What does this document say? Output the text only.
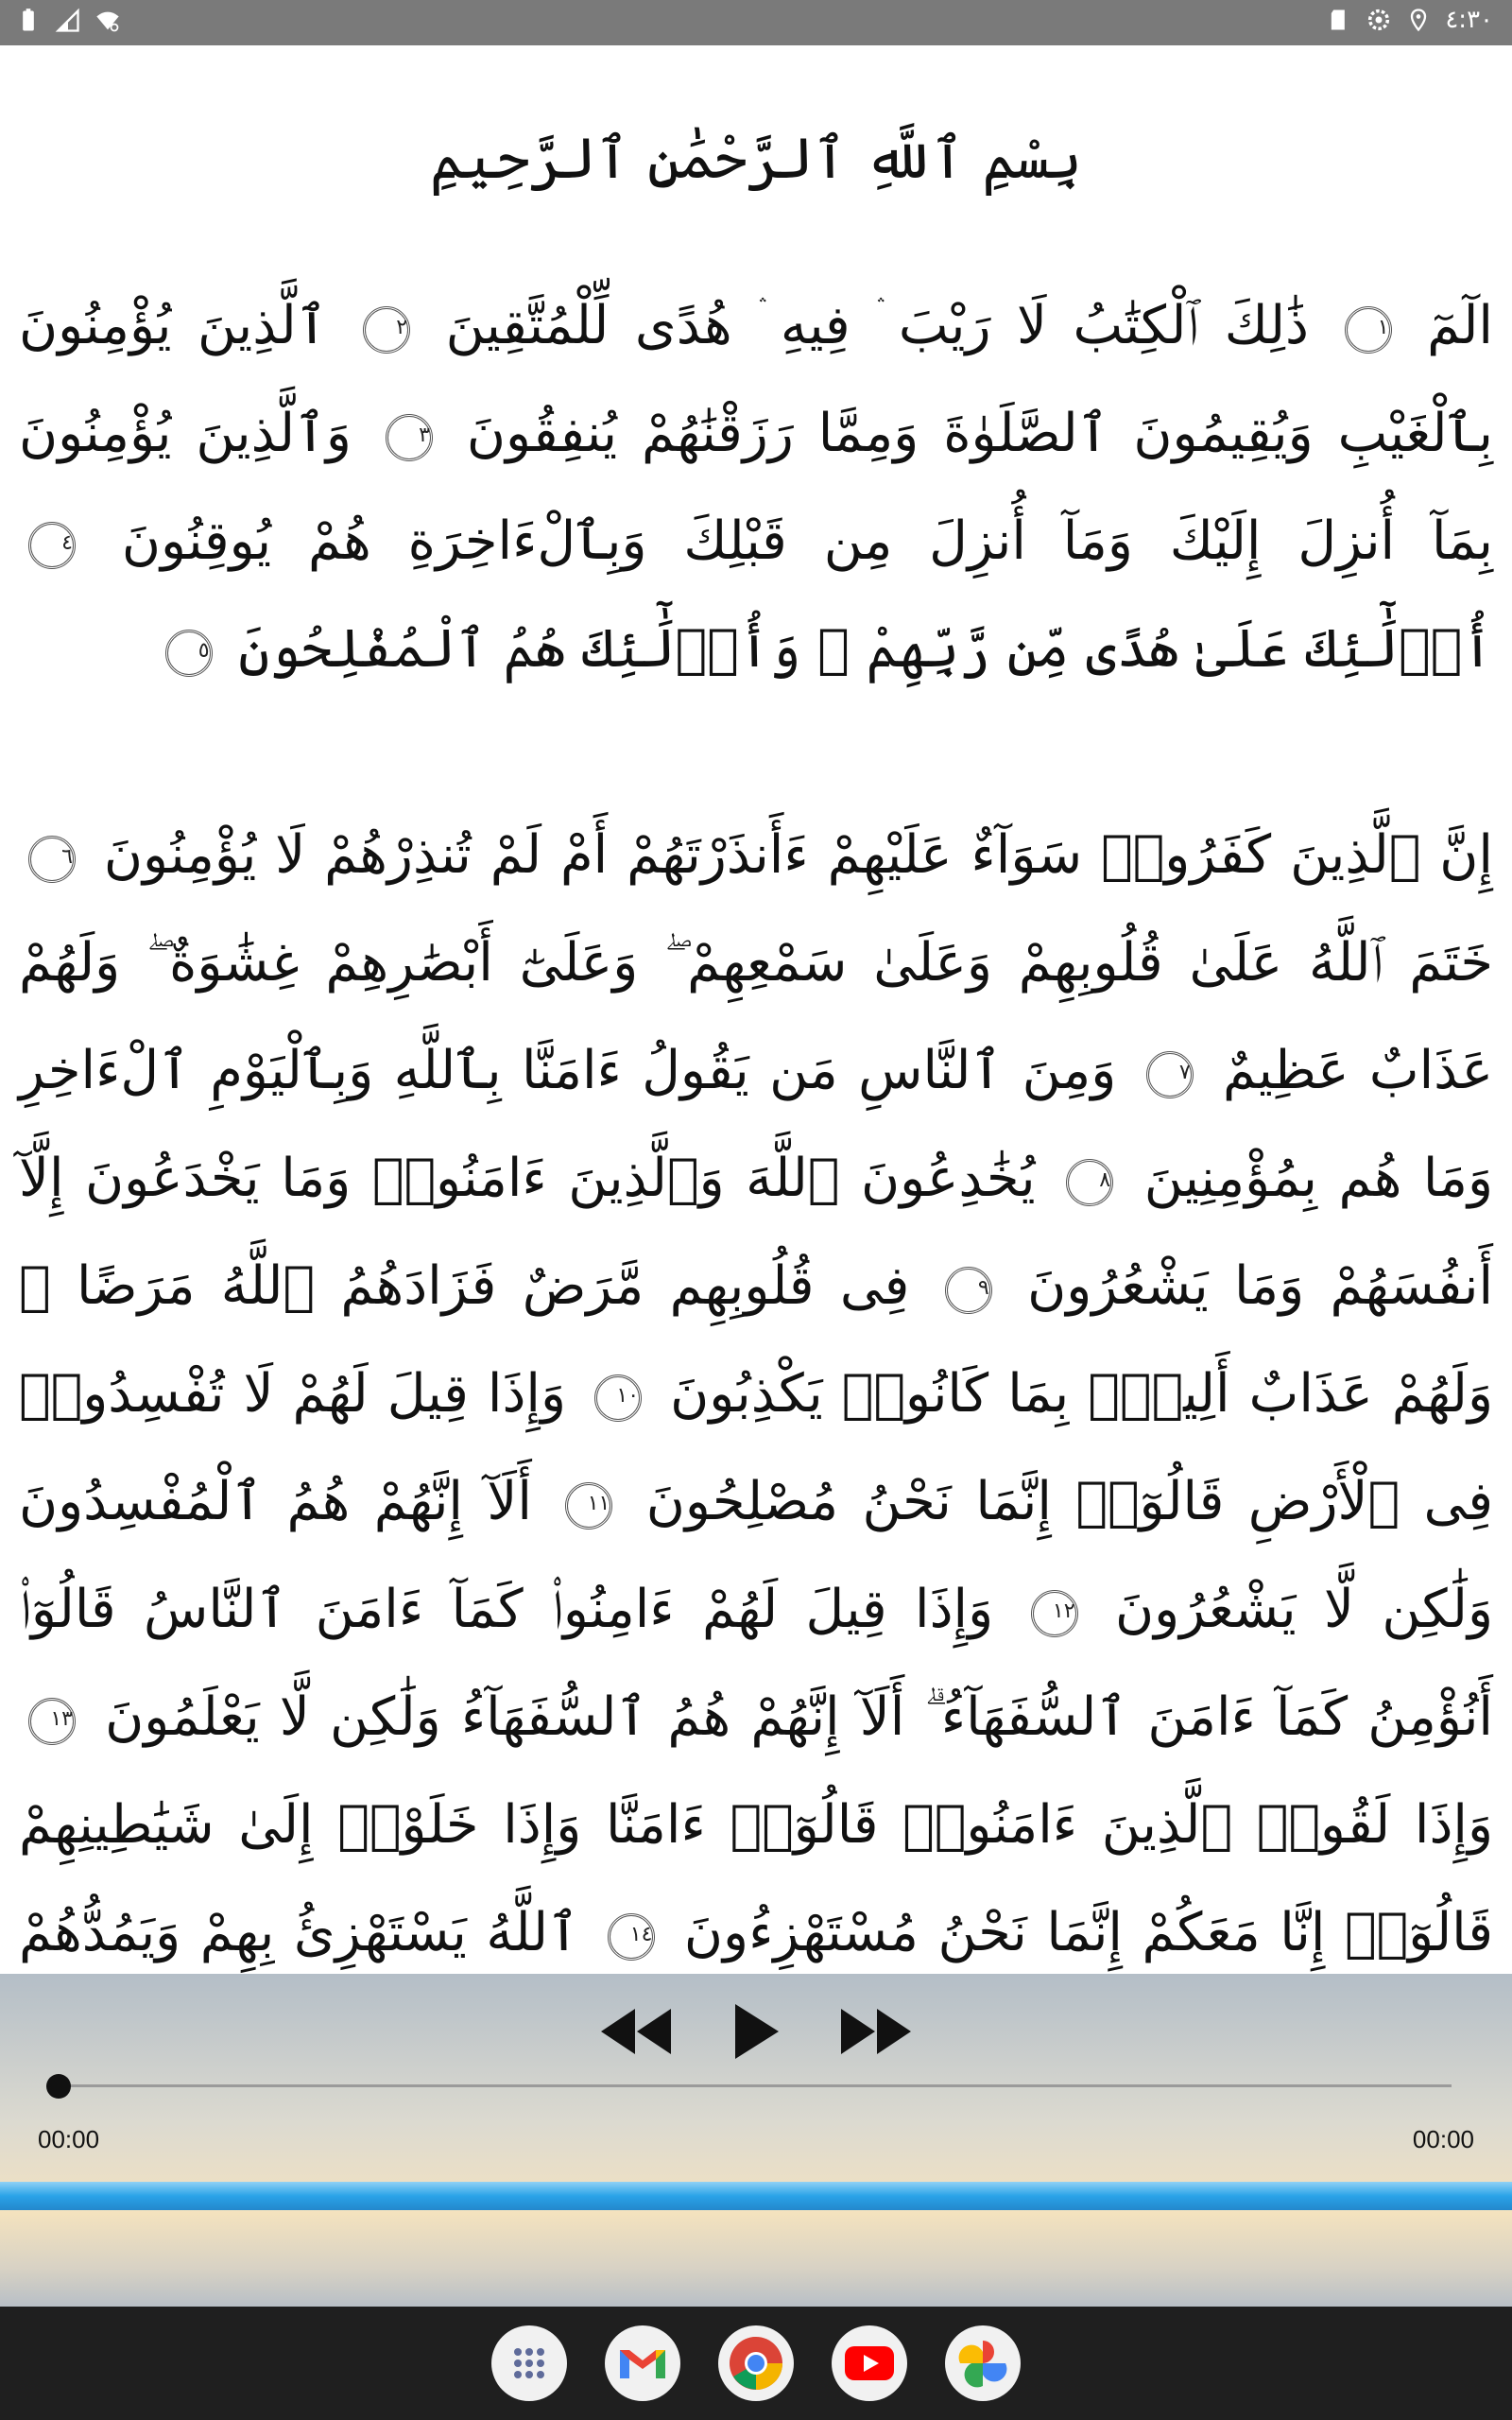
٤:٣٠
بِسْمِ ٱللَّهِ ٱلرَّحْمَٰنِ ٱلرَّحِيمِ
الٓمٓ ١ ذَٰلِكَ ٱلْكِتَٰبُ لَا رَيْبَ ۛ فِيهِ ۛ هُدًى لِّلْمُتَّقِينَ ٢ ٱلَّذِينَ يُؤْمِنُونَ بِٱلْغَيْبِ وَيُقِيمُونَ ٱلصَّلَوٰةَ وَمِمَّا رَزَقْنَٰهُمْ يُنفِقُونَ ٣ وَٱلَّذِينَ يُؤْمِنُونَ بِمَآ أُنزِلَ إِلَيْكَ وَمَآ أُنزِلَ مِن قَبْلِكَ وَبِٱلْءَاخِرَةِ هُمْ يُوقِنُونَ ٤ أُو۟لَٰٓئِكَ عَلَىٰ هُدًى مِّن رَّبِّهِمْ ۖ وَأُو۟لَٰٓئِكَ هُمُ ٱلْمُفْلِحُونَ ٥
إِنَّ ٱلَّذِينَ كَفَرُوا۟ سَوَآءٌ عَلَيْهِمْ ءَأَنذَرْتَهُمْ أَمْ لَمْ تُنذِرْهُمْ لَا يُؤْمِنُونَ ٦ خَتَمَ ٱللَّهُ عَلَىٰ قُلُوبِهِمْ وَعَلَىٰ سَمْعِهِمْ ۖ وَعَلَىٰٓ أَبْصَٰرِهِمْ غِشَٰوَةٌ ۖ وَلَهُمْ عَذَابٌ عَظِيمٌ ٧ وَمِنَ ٱلنَّاسِ مَن يَقُولُ ءَامَنَّا بِٱللَّهِ وَبِٱلْيَوْمِ ٱلْءَاخِرِ وَمَا هُم بِمُؤْمِنِينَ ٨ يُخَٰدِعُونَ ٱللَّهَ وَٱلَّذِينَ ءَامَنُوا۟ وَمَا يَخْدَعُونَ إِلَّآ أَنفُسَهُمْ وَمَا يَشْعُرُونَ ٩ فِى قُلُوبِهِم مَّرَضٌ فَزَادَهُمُ ٱللَّهُ مَرَضًا ۖ وَلَهُمْ عَذَابٌ أَلِيمٌۢ بِمَا كَانُوا۟ يَكْذِبُونَ ١٠ وَإِذَا قِيلَ لَهُمْ لَا تُفْسِدُوا۟ فِى ٱلْأَرْضِ قَالُوٓا۟ إِنَّمَا نَحْنُ مُصْلِحُونَ ١١ أَلَآ إِنَّهُمْ هُمُ ٱلْمُفْسِدُونَ وَلَٰكِن لَّا يَشْعُرُونَ ١٢ وَإِذَا قِيلَ لَهُمْ ءَامِنُوا۟ كَمَآ ءَامَنَ ٱلنَّاسُ قَالُوٓا۟ أَنُؤْمِنُ كَمَآ ءَامَنَ ٱلسُّفَهَآءُ ۗ أَلَآ إِنَّهُمْ هُمُ ٱلسُّفَهَآءُ وَلَٰكِن لَّا يَعْلَمُونَ ١٣ وَإِذَا لَقُوا۟ ٱلَّذِينَ ءَامَنُوا۟ قَالُوٓا۟ ءَامَنَّا وَإِذَا خَلَوْا۟ إِلَىٰ شَيَٰطِينِهِمْ قَالُوٓا۟ إِنَّا مَعَكُمْ إِنَّمَا نَحْنُ مُسْتَهْزِءُونَ ١٤ ٱللَّهُ يَسْتَهْزِئُ بِهِمْ وَيَمُدُّهُمْ
00:00	00:00
